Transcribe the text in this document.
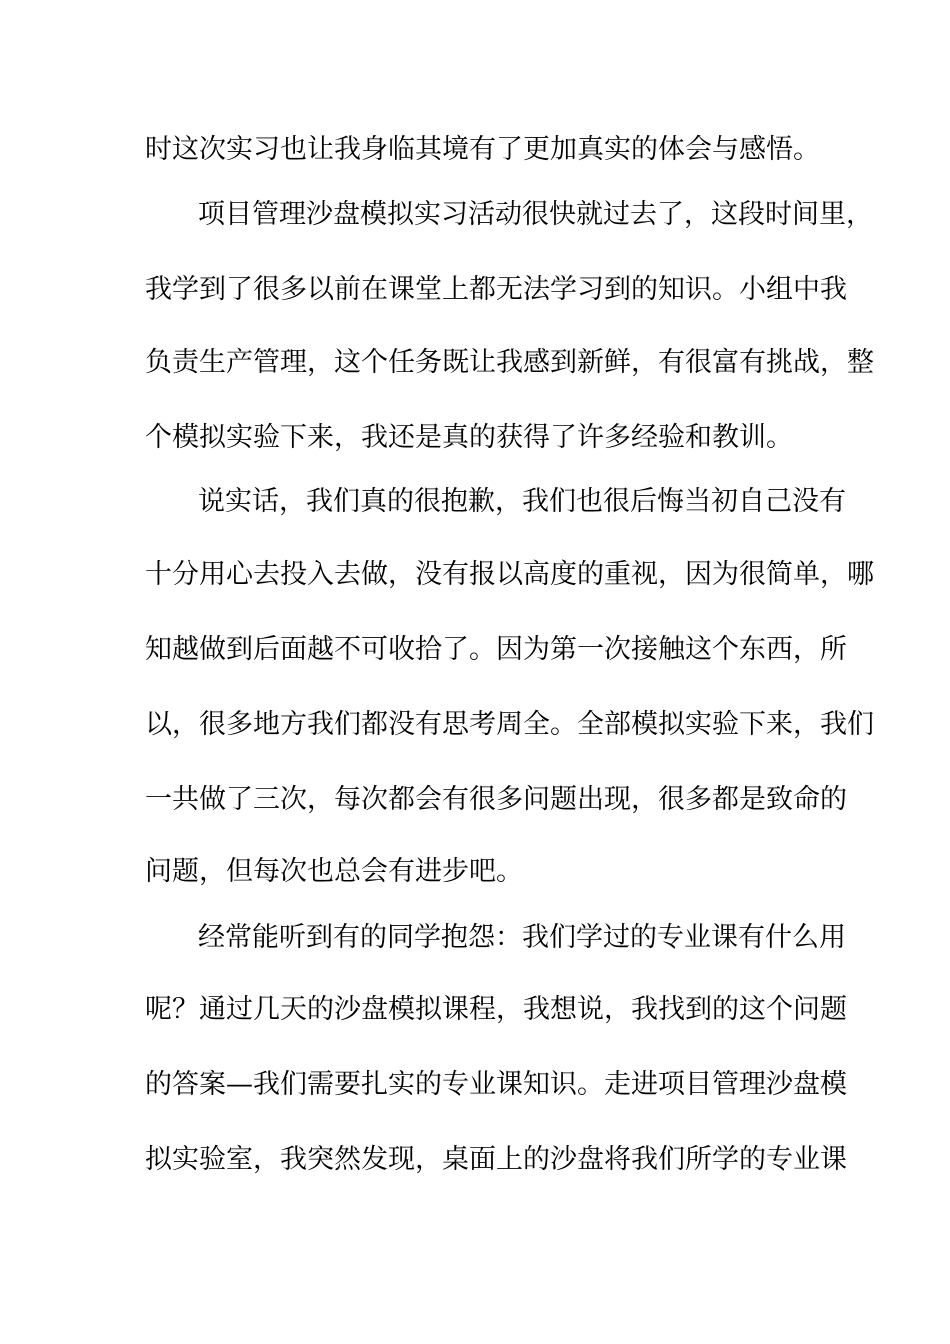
时这次实习也让我身临其境有了更加真实的体会与感悟。
项目管理沙盘模拟实习活动很快就过去了，这段时间里，
我学到了很多以前在课堂上都无法学习到的知识。小组中我
负责生产管理，这个任务既让我感到新鲜，有很富有挑战，整
个模拟实验下来，我还是真的获得了许多经验和教训。
说实话，我们真的很抱歉，我们也很后悔当初自己没有
十分用心去投入去做，没有报以高度的重视，因为很简单，哪
知越做到后面越不可收拾了。因为第一次接触这个东西，所
以，很多地方我们都没有思考周全。全部模拟实验下来，我们
一共做了三次，每次都会有很多问题出现，很多都是致命的
问题，但每次也总会有进步吧。
经常能听到有的同学抱怨：我们学过的专业课有什么用
呢？通过几天的沙盘模拟课程，我想说，我找到的这个问题
的答案—我们需要扎实的专业课知识。走进项目管理沙盘模
拟实验室，我突然发现，桌面上的沙盘将我们所学的专业课
